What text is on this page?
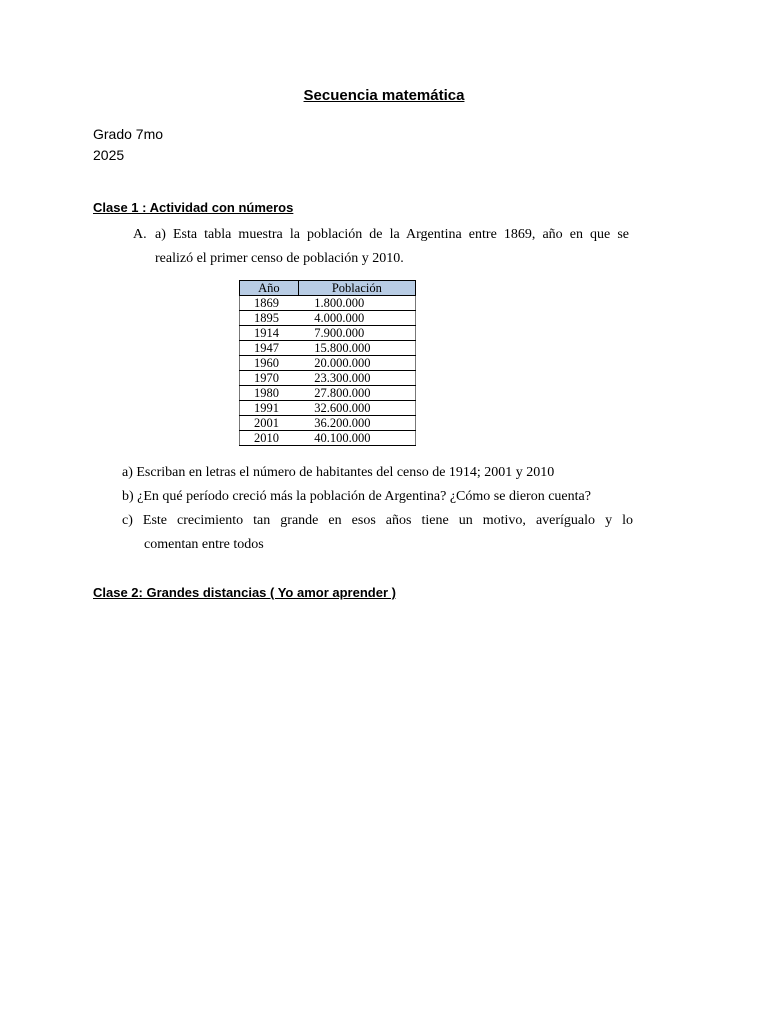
Secuencia matemática
Grado 7mo
2025
Clase 1 : Actividad con números
A. a) Esta tabla muestra la población de la Argentina entre 1869, año en que se
realizó el primer censo de población y 2010.
Año	Población
1869	1.800.000
1895	4.000.000
1914	7.900.000
1947	15.800.000
1960	20.000.000
1970	23.300.000
1980	27.800.000
1991	32.600.000
2001	36.200.000
2010	40.100.000
a) Escriban en letras el número de habitantes del censo de 1914; 2001 y 2010
b) ¿En qué período creció más la población de Argentina? ¿Cómo se dieron cuenta?
c) Este crecimiento tan grande en esos años tiene un motivo, averígualo y lo
comentan entre todos
Clase 2: Grandes distancias ( Yo amor aprender )
